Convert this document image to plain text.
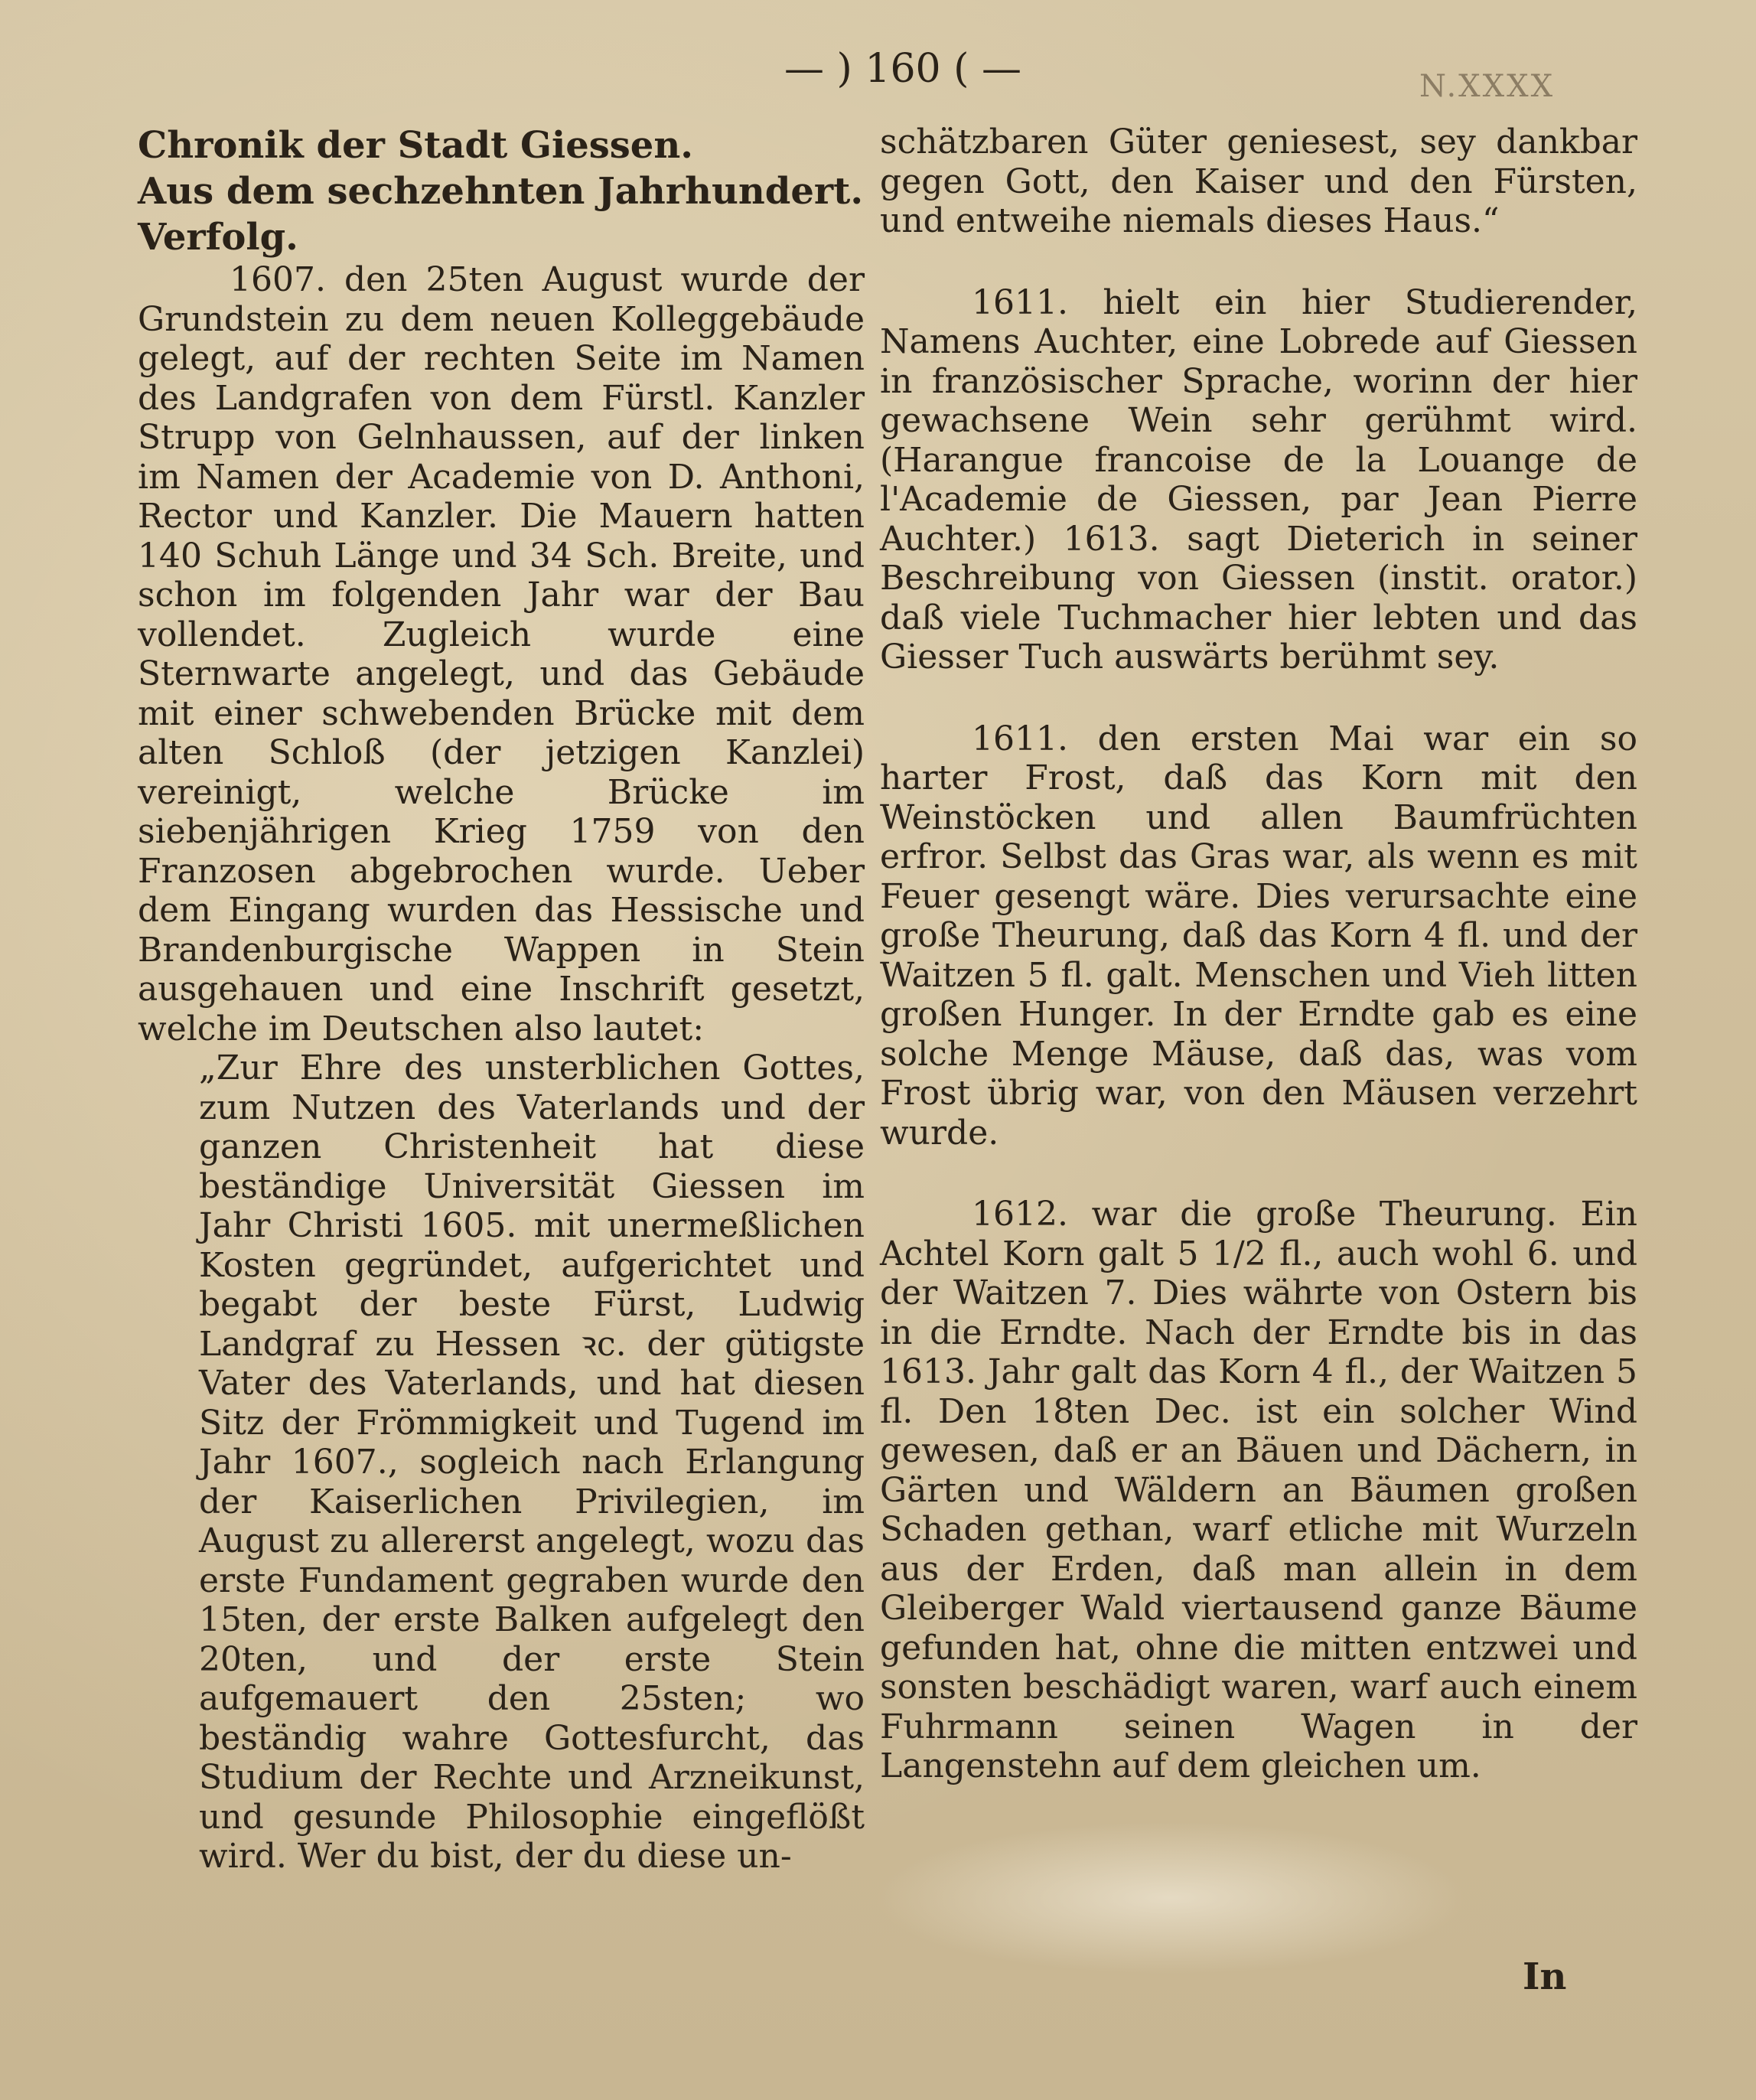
— ) 160 ( —	N.XXXX

Chronik der Stadt Giessen.

Aus dem sechzehnten Jahrhundert.

Verfolg.

1607. den 25ten August wurde der Grundstein zu dem neuen Kolleggebäude gelegt, auf der rechten Seite im Namen des Landgrafen von dem Fürstl. Kanzler Strupp von Gelnhaussen, auf der linken im Namen der Academie von D. Anthoni, Rector und Kanzler. Die Mauern hatten 140 Schuh Länge und 34 Sch. Breite, und schon im folgenden Jahr war der Bau vollendet. Zugleich wurde eine Sternwarte angelegt, und das Gebäude mit einer schwebenden Brücke mit dem alten Schloß (der jetzigen Kanzlei) vereinigt, welche Brücke im siebenjährigen Krieg 1759 von den Franzosen abgebrochen wurde. Ueber dem Eingang wurden das Hessische und Brandenburgische Wappen in Stein ausgehauen und eine Inschrift gesetzt, welche im Deutschen also lautet:

„Zur Ehre des unsterblichen Gottes, zum Nutzen des Vaterlands und der ganzen Christenheit hat diese beständige Universität Giessen im Jahr Christi 1605. mit unermeßlichen Kosten gegründet, aufgerichtet und begabt der beste Fürst, Ludwig Landgraf zu Hessen ꝛc. der gütigste Vater des Vaterlands, und hat diesen Sitz der Frömmigkeit und Tugend im Jahr 1607., sogleich nach Erlangung der Kaiserlichen Privilegien, im August zu allererst angelegt, wozu das erste Fundament gegraben wurde den 15ten, der erste Balken aufgelegt den 20ten, und der erste Stein aufgemauert den 25sten; wo beständig wahre Gottesfurcht, das Studium der Rechte und Arzneikunst, und gesunde Philosophie eingeflößt wird. Wer du bist, der du diese un-

schätzbaren Güter geniesest, sey dankbar gegen Gott, den Kaiser und den Fürsten, und entweihe niemals dieses Haus.“

1611. hielt ein hier Studierender, Namens Auchter, eine Lobrede auf Giessen in französischer Sprache, worinn der hier gewachsene Wein sehr gerühmt wird. (Harangue francoise de la Louange de l'Academie de Giessen, par Jean Pierre Auchter.) 1613. sagt Dieterich in seiner Beschreibung von Giessen (instit. orator.) daß viele Tuchmacher hier lebten und das Giesser Tuch auswärts berühmt sey.

1611. den ersten Mai war ein so harter Frost, daß das Korn mit den Weinstöcken und allen Baumfrüchten erfror. Selbst das Gras war, als wenn es mit Feuer gesengt wäre. Dies verursachte eine große Theurung, daß das Korn 4 fl. und der Waitzen 5 fl. galt. Menschen und Vieh litten großen Hunger. In der Erndte gab es eine solche Menge Mäuse, daß das, was vom Frost übrig war, von den Mäusen verzehrt wurde.

1612. war die große Theurung. Ein Achtel Korn galt 5 1/2 fl., auch wohl 6. und der Waitzen 7. Dies währte von Ostern bis in die Erndte. Nach der Erndte bis in das 1613. Jahr galt das Korn 4 fl., der Waitzen 5 fl. Den 18ten Dec. ist ein solcher Wind gewesen, daß er an Bäuen und Dächern, in Gärten und Wäldern an Bäumen großen Schaden gethan, warf etliche mit Wurzeln aus der Erden, daß man allein in dem Gleiberger Wald viertausend ganze Bäume gefunden hat, ohne die mitten entzwei und sonsten beschädigt waren, warf auch einem Fuhrmann seinen Wagen in der Langenstehn auf dem gleichen um.

In
